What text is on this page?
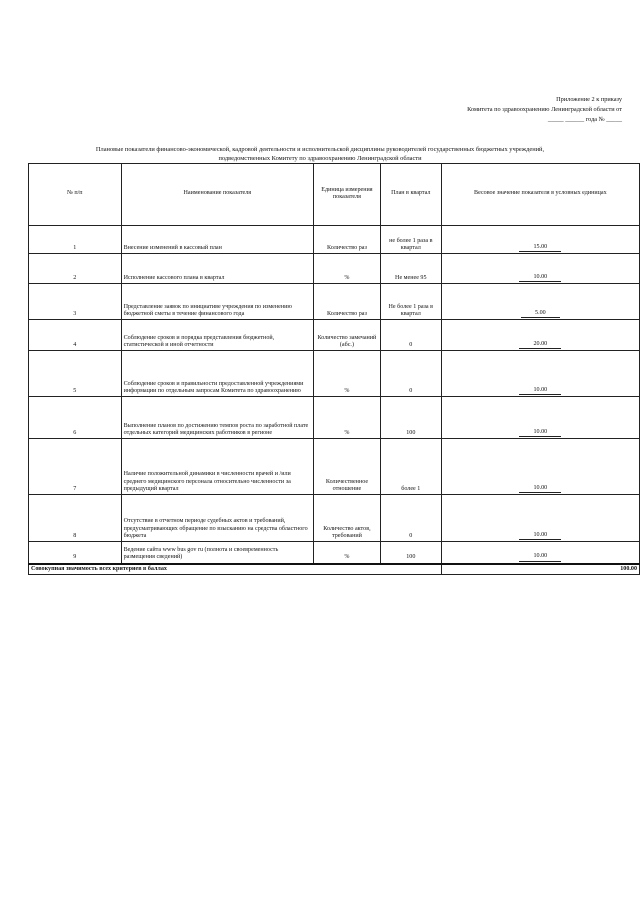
Приложение 2 к приказу
Комитета по здравоохранению Ленинградской области от
_____ ______ года № _____
Плановые показатели финансово-экономической, кадровой деятельности и исполнительской дисциплины руководителей государственных бюджетных учреждений,
подведомственных Комитету по здравоохранению Ленинградской области
№ п/п	Наименование показателя	Единица измерения показателя	План в квартал	Весовое значение показателя в условных единицах
1	Внесение изменений в кассовый план	Количество раз	не более 1 раза в квартал	15.00
2	Исполнение кассового плана в квартал	%	Не менее 95	10.00
3	Представление заявок по инициативе учреждения по изменению бюджетной сметы в течение финансового года	Количество раз	Не более 1 раза в квартал	5.00
4	Соблюдение сроков и порядка представления бюджетной, статистической и иной отчетности	Количество замечаний (абс.)	0	20.00
5	Соблюдение сроков и правильности предоставленной учреждениями информации по отдельным запросам Комитета по здравоохранению	%	0	10.00
6	Выполнение планов по достижению темпов роста по заработной плате отдельных категорий медицинских работников в регионе	%	100	10.00
7	Наличие положительной динамики в численности врачей и /или среднего медицинского персонала относительно численности за предыдущий квартал	Количественное отношение	более 1	10.00
8	Отсутствие в отчетном периоде судебных актов и требований, предусматривающих обращение по взысканию на средства областного бюджета	Количество актов, требований	0	10.00
9	Ведение сайта www bus gov ru (полнота и своевременность размещения сведений)	%	100	10.00
Совокупная значимость всех критериев в баллах				100.00
